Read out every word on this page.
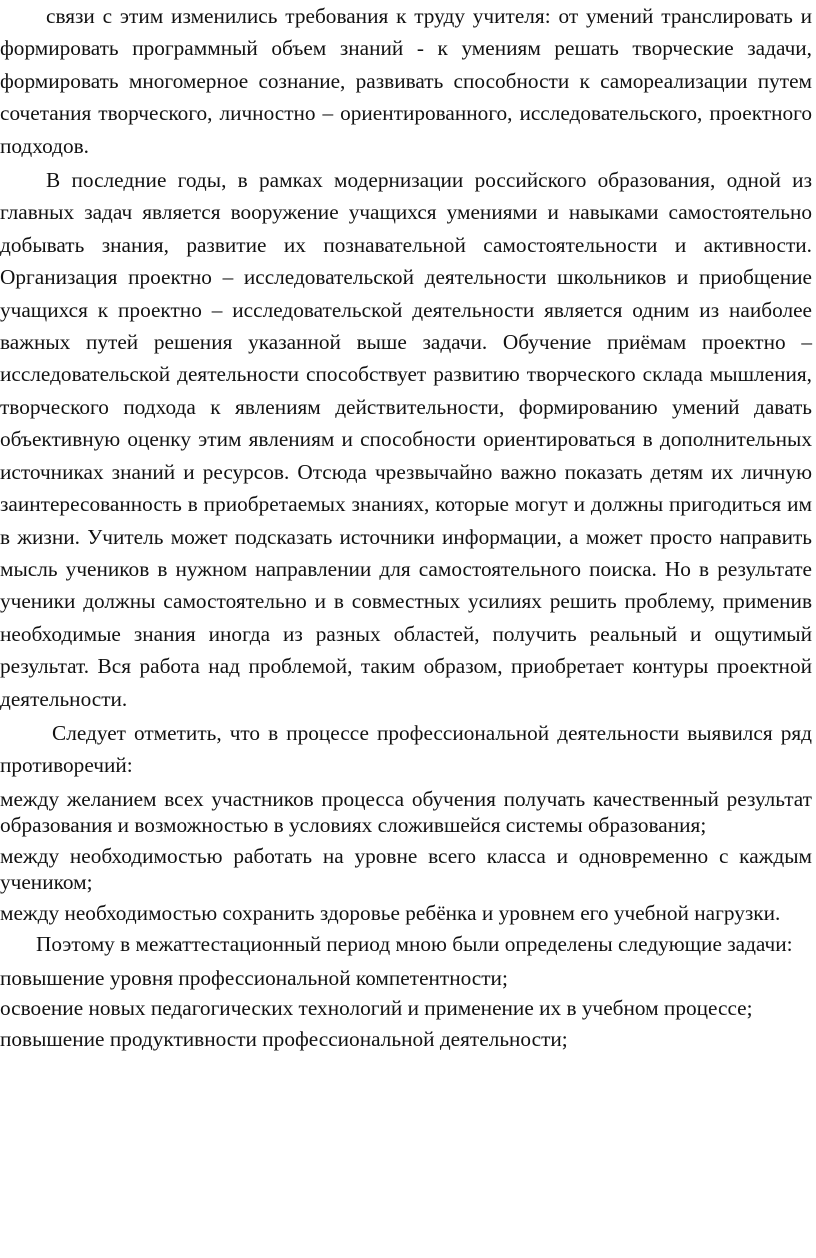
связи с этим изменились требования к труду учителя: от умений транслировать и формировать программный объем знаний - к умениям решать творческие задачи, формировать многомерное сознание, развивать способности к самореализации путем сочетания творческого, личностно – ориентированного, исследовательского, проектного подходов.

В последние годы, в рамках модернизации российского образования, одной из главных задач является вооружение учащихся умениями и навыками самостоятельно добывать знания, развитие их познавательной самостоятельности и активности. Организация проектно – исследовательской деятельности школьников и приобщение учащихся к проектно – исследовательской деятельности является одним из наиболее важных путей решения указанной выше задачи. Обучение приёмам проектно – исследовательской деятельности способствует развитию творческого склада мышления, творческого подхода к явлениям действительности, формированию умений давать объективную оценку этим явлениям и способности ориентироваться в дополнительных источниках знаний и ресурсов. Отсюда чрезвычайно важно показать детям их личную заинтересованность в приобретаемых знаниях, которые могут и должны пригодиться им в жизни. Учитель может подсказать источники информации, а может просто направить мысль учеников в нужном направлении для самостоятельного поиска. Но в результате ученики должны самостоятельно и в совместных усилиях решить проблему, применив необходимые знания иногда из разных областей, получить реальный и ощутимый результат. Вся работа над проблемой, таким образом, приобретает контуры проектной деятельности.

Следует отметить, что в процессе профессиональной деятельности выявился ряд противоречий:

между желанием всех участников процесса обучения получать качественный результат образования и возможностью в условиях сложившейся системы образования;

между необходимостью работать на уровне всего класса и одновременно с каждым учеником;

между необходимостью сохранить здоровье ребёнка и уровнем его учебной нагрузки.

Поэтому в межаттестационный период мною были определены следующие задачи:

повышение уровня профессиональной компетентности;

освоение новых педагогических технологий и применение их в учебном процессе;

повышение продуктивности профессиональной деятельности;
